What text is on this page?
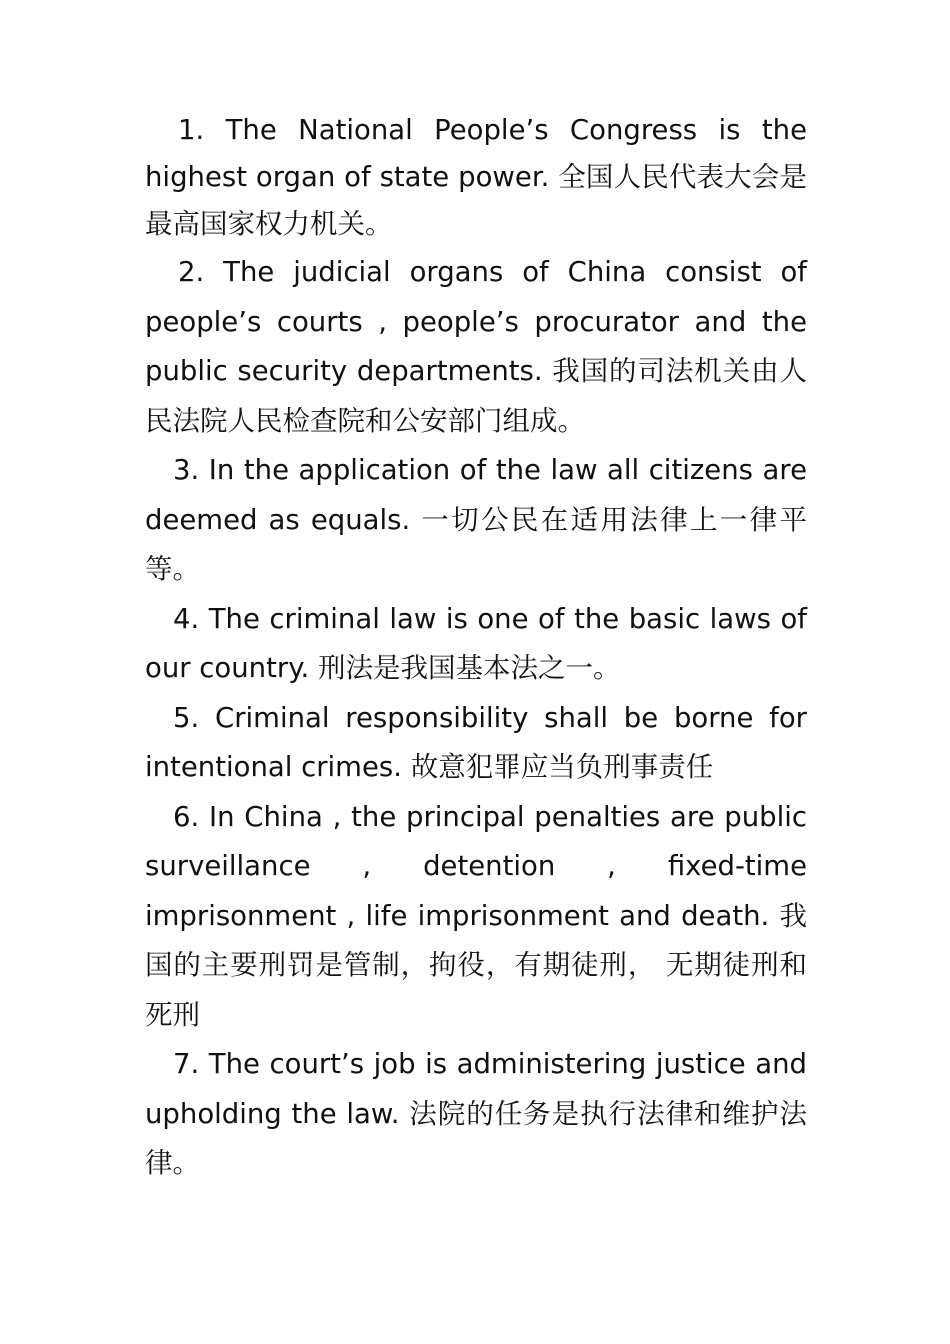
1. The National People’s Congress is the highest organ of state power. 全国人民代表大会是最高国家权力机关。

2. The judicial organs of China consist of people’s courts , people’s procurator and the public security departments. 我国的司法机关由人民法院人民检查院和公安部门组成。

3. In the application of the law all citizens are deemed as equals. 一切公民在适用法律上一律平等。

4. The criminal law is one of the basic laws of our country. 刑法是我国基本法之一。

5. Criminal responsibility shall be borne for intentional crimes. 故意犯罪应当负刑事责任

6. In China , the principal penalties are public surveillance , detention , fixed-time imprisonment , life imprisonment and death. 我国的主要刑罚是管制，拘役，有期徒刑， 无期徒刑和死刑

7. The court’s job is administering justice and upholding the law. 法院的任务是执行法律和维护法律。
